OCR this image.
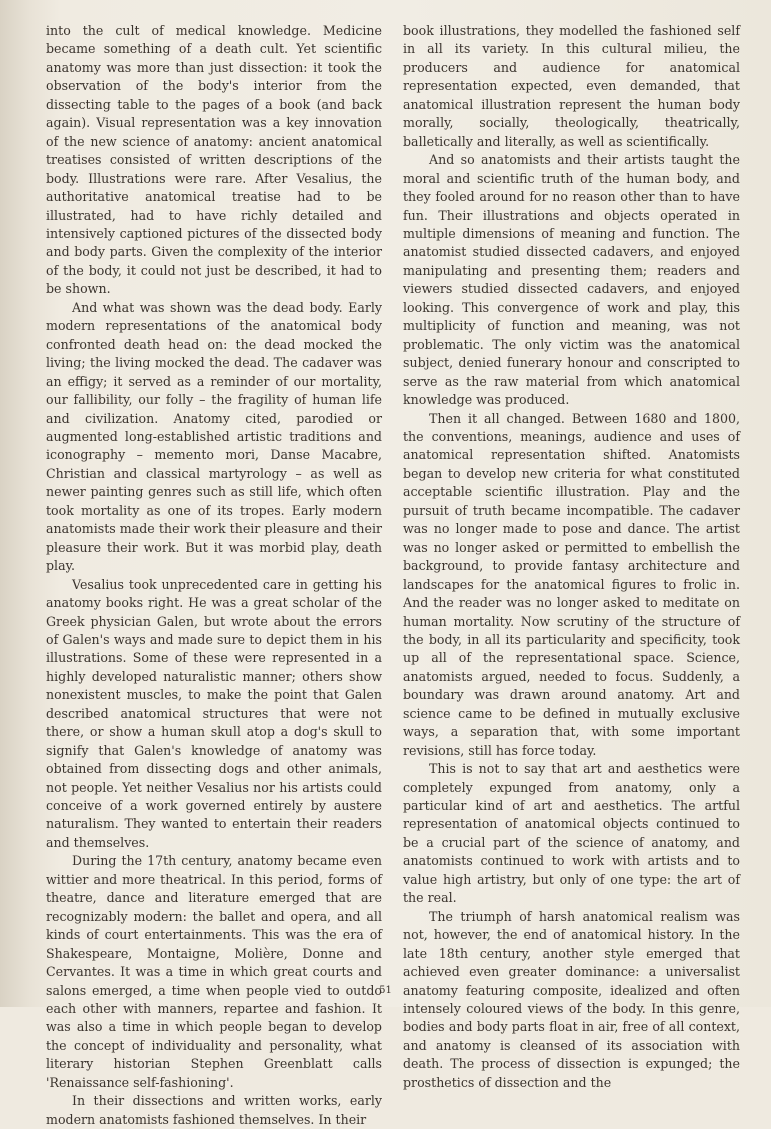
into the cult of medical knowledge. Medicine became something of a death cult. Yet scientific anatomy was more than just dissection: it took the observation of the body's interior from the dissecting table to the pages of a book (and back again). Visual representation was a key innovation of the new science of anatomy: ancient anatomical treatises consisted of written descriptions of the body. Illustrations were rare. After Vesalius, the authoritative anatomical treatise had to be illustrated, had to have richly detailed and intensively captioned pictures of the dissected body and body parts. Given the complexity of the interior of the body, it could not just be described, it had to be shown.

And what was shown was the dead body. Early modern representations of the anatomical body confronted death head on: the dead mocked the living; the living mocked the dead. The cadaver was an effigy; it served as a reminder of our mortality, our fallibility, our folly – the fragility of human life and civilization. Anatomy cited, parodied or augmented long-established artistic traditions and iconography – memento mori, Danse Macabre, Christian and classical martyrology – as well as newer painting genres such as still life, which often took mortality as one of its tropes. Early modern anatomists made their work their pleasure and their pleasure their work. But it was morbid play, death play.

Vesalius took unprecedented care in getting his anatomy books right. He was a great scholar of the Greek physician Galen, but wrote about the errors of Galen's ways and made sure to depict them in his illustrations. Some of these were represented in a highly developed naturalistic manner; others show nonexistent muscles, to make the point that Galen described anatomical structures that were not there, or show a human skull atop a dog's skull to signify that Galen's knowledge of anatomy was obtained from dissecting dogs and other animals, not people. Yet neither Vesalius nor his artists could conceive of a work governed entirely by austere naturalism. They wanted to entertain their readers and themselves.

During the 17th century, anatomy became even wittier and more theatrical. In this period, forms of theatre, dance and literature emerged that are recognizably modern: the ballet and opera, and all kinds of court entertainments. This was the era of Shakespeare, Montaigne, Molière, Donne and Cervantes. It was a time in which great courts and salons emerged, a time when people vied to outdo each other with manners, repartee and fashion. It was also a time in which people began to develop the concept of individuality and personality, what literary historian Stephen Greenblatt calls 'Renaissance self-fashioning'.

In their dissections and written works, early modern anatomists fashioned themselves. In their

book illustrations, they modelled the fashioned self in all its variety. In this cultural milieu, the producers and audience for anatomical representation expected, even demanded, that anatomical illustration represent the human body morally, socially, theologically, theatrically, balletically and literally, as well as scientifically.

And so anatomists and their artists taught the moral and scientific truth of the human body, and they fooled around for no reason other than to have fun. Their illustrations and objects operated in multiple dimensions of meaning and function. The anatomist studied dissected cadavers, and enjoyed manipulating and presenting them; readers and viewers studied dissected cadavers, and enjoyed looking. This convergence of work and play, this multiplicity of function and meaning, was not problematic. The only victim was the anatomical subject, denied funerary honour and conscripted to serve as the raw material from which anatomical knowledge was produced.

Then it all changed. Between 1680 and 1800, the conventions, meanings, audience and uses of anatomical representation shifted. Anatomists began to develop new criteria for what constituted acceptable scientific illustration. Play and the pursuit of truth became incompatible. The cadaver was no longer made to pose and dance. The artist was no longer asked or permitted to embellish the background, to provide fantasy architecture and landscapes for the anatomical figures to frolic in. And the reader was no longer asked to meditate on human mortality. Now scrutiny of the structure of the body, in all its particularity and specificity, took up all of the representational space. Science, anatomists argued, needed to focus. Suddenly, a boundary was drawn around anatomy. Art and science came to be defined in mutually exclusive ways, a separation that, with some important revisions, still has force today.

This is not to say that art and aesthetics were completely expunged from anatomy, only a particular kind of art and aesthetics. The artful representation of anatomical objects continued to be a crucial part of the science of anatomy, and anatomists continued to work with artists and to value high artistry, but only of one type: the art of the real.

The triumph of harsh anatomical realism was not, however, the end of anatomical history. In the late 18th century, another style emerged that achieved even greater dominance: a universalist anatomy featuring composite, idealized and often intensely coloured views of the body. In this genre, bodies and body parts float in air, free of all context, and anatomy is cleansed of its association with death. The process of dissection is expunged; the prosthetics of dissection and the

51
